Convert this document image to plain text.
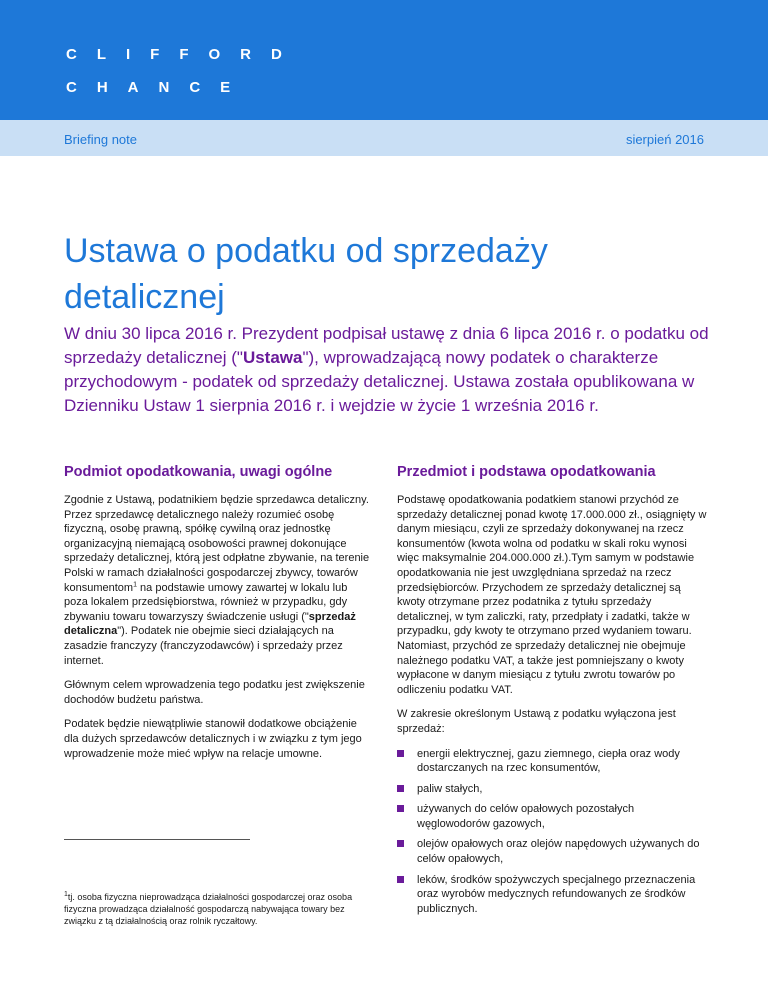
CLIFFORD
CHANCE
Briefing note	sierpień 2016
Ustawa o podatku od sprzedaży detalicznej

W dniu 30 lipca 2016 r. Prezydent podpisał ustawę z dnia 6 lipca 2016 r. o podatku od sprzedaży detalicznej ("Ustawa"), wprowadzającą nowy podatek o charakterze przychodowym - podatek od sprzedaży detalicznej. Ustawa została opublikowana w Dzienniku Ustaw 1 sierpnia 2016 r. i wejdzie w życie 1 września 2016 r.

Podmiot opodatkowania, uwagi ogólne

Zgodnie z Ustawą, podatnikiem będzie sprzedawca detaliczny. Przez sprzedawcę detalicznego należy rozumieć osobę fizyczną, osobę prawną, spółkę cywilną oraz jednostkę organizacyjną niemającą osobowości prawnej dokonujące sprzedaży detalicznej, którą jest odpłatne zbywanie, na terenie Polski w ramach działalności gospodarczej zbywcy, towarów konsumentom$^1$ na podstawie umowy zawartej w lokalu lub poza lokalem przedsiębiorstwa, również w przypadku, gdy zbywaniu towaru towarzyszy świadczenie usługi ("sprzedaż detaliczna"). Podatek nie obejmie sieci działających na zasadzie franczyzy (franczyzodawców) i sprzedaży przez internet.

Głównym celem wprowadzenia tego podatku jest zwiększenie dochodów budżetu państwa.

Podatek będzie niewątpliwie stanowił dodatkowe obciążenie dla dużych sprzedawców detalicznych i w związku z tym jego wprowadzenie może mieć wpływ na relacje umowne.

Przedmiot i podstawa opodatkowania

Podstawę opodatkowania podatkiem stanowi przychód ze sprzedaży detalicznej ponad kwotę 17.000.000 zł., osiągnięty w danym miesiącu, czyli ze sprzedaży dokonywanej na rzecz konsumentów (kwota wolna od podatku w skali roku wynosi więc maksymalnie 204.000.000 zł.).Tym samym w podstawie opodatkowania nie jest uwzględniana sprzedaż na rzecz przedsiębiorców. Przychodem ze sprzedaży detalicznej są kwoty otrzymane przez podatnika z tytułu sprzedaży detalicznej, w tym zaliczki, raty, przedpłaty i zadatki, także w przypadku, gdy kwoty te otrzymano przed wydaniem towaru. Natomiast, przychód ze sprzedaży detalicznej nie obejmuje należnego podatku VAT, a także jest pomniejszany o kwoty wypłacone w danym miesiącu z tytułu zwrotu towarów po odliczeniu podatku VAT.

W zakresie określonym Ustawą z podatku wyłączona jest sprzedaż:

energii elektrycznej, gazu ziemnego, ciepła oraz wody dostarczanych na rzec konsumentów,
paliw stałych,
używanych do celów opałowych pozostałych węglowodorów gazowych,
olejów opałowych oraz olejów napędowych używanych do celów opałowych,
leków, środków spożywczych specjalnego przeznaczenia oraz wyrobów medycznych refundowanych ze środków publicznych.

$^1$tj. osoba fizyczna nieprowadząca działalności gospodarczej oraz osoba fizyczna prowadząca działalność gospodarczą nabywająca towary bez związku z tą działalnością oraz rolnik ryczałtowy.
